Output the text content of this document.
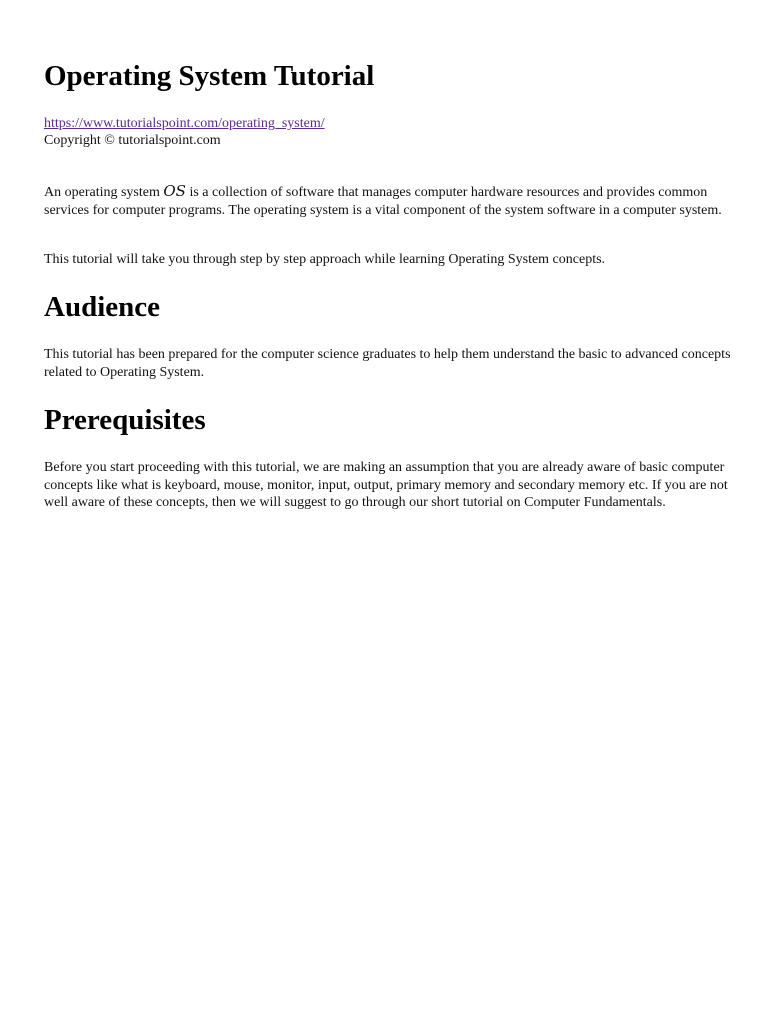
Operating System Tutorial
https://www.tutorialspoint.com/operating_system/
Copyright © tutorialspoint.com

An operating system OS is a collection of software that manages computer hardware resources and provides common services for computer programs. The operating system is a vital component of the system software in a computer system.

This tutorial will take you through step by step approach while learning Operating System concepts.

Audience

This tutorial has been prepared for the computer science graduates to help them understand the basic to advanced concepts related to Operating System.

Prerequisites

Before you start proceeding with this tutorial, we are making an assumption that you are already aware of basic computer concepts like what is keyboard, mouse, monitor, input, output, primary memory and secondary memory etc. If you are not well aware of these concepts, then we will suggest to go through our short tutorial on Computer Fundamentals.
